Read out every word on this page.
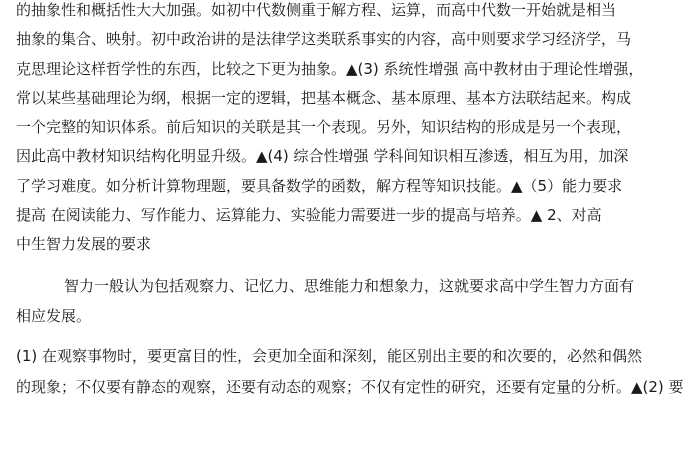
的抽象性和概括性大大加强。如初中代数侧重于解方程、运算，而高中代数一开始就是相当
抽象的集合、映射。初中政治讲的是法律学这类联系事实的内容，高中则要求学习经济学，马
克思理论这样哲学性的东西，比较之下更为抽象。▲(3) 系统性增强 高中教材由于理论性增强，
常以某些基础理论为纲，根据一定的逻辑，把基本概念、基本原理、基本方法联结起来。构成
一个完整的知识体系。前后知识的关联是其一个表现。另外，知识结构的形成是另一个表现，
因此高中教材知识结构化明显升级。▲(4) 综合性增强 学科间知识相互渗透，相互为用，加深
了学习难度。如分析计算物理题，要具备数学的函数，解方程等知识技能。▲（5）能力要求
提高 在阅读能力、写作能力、运算能力、实验能力需要进一步的提高与培养。▲ 2、对高
中生智力发展的要求
智力一般认为包括观察力、记忆力、思维能力和想象力，这就要求高中学生智力方面有
相应发展。
(1) 在观察事物时，要更富目的性，会更加全面和深刻，能区别出主要的和次要的，必然和偶然
的现象；不仅要有静态的观察，还要有动态的观察；不仅有定性的研究，还要有定量的分析。▲(2) 要
